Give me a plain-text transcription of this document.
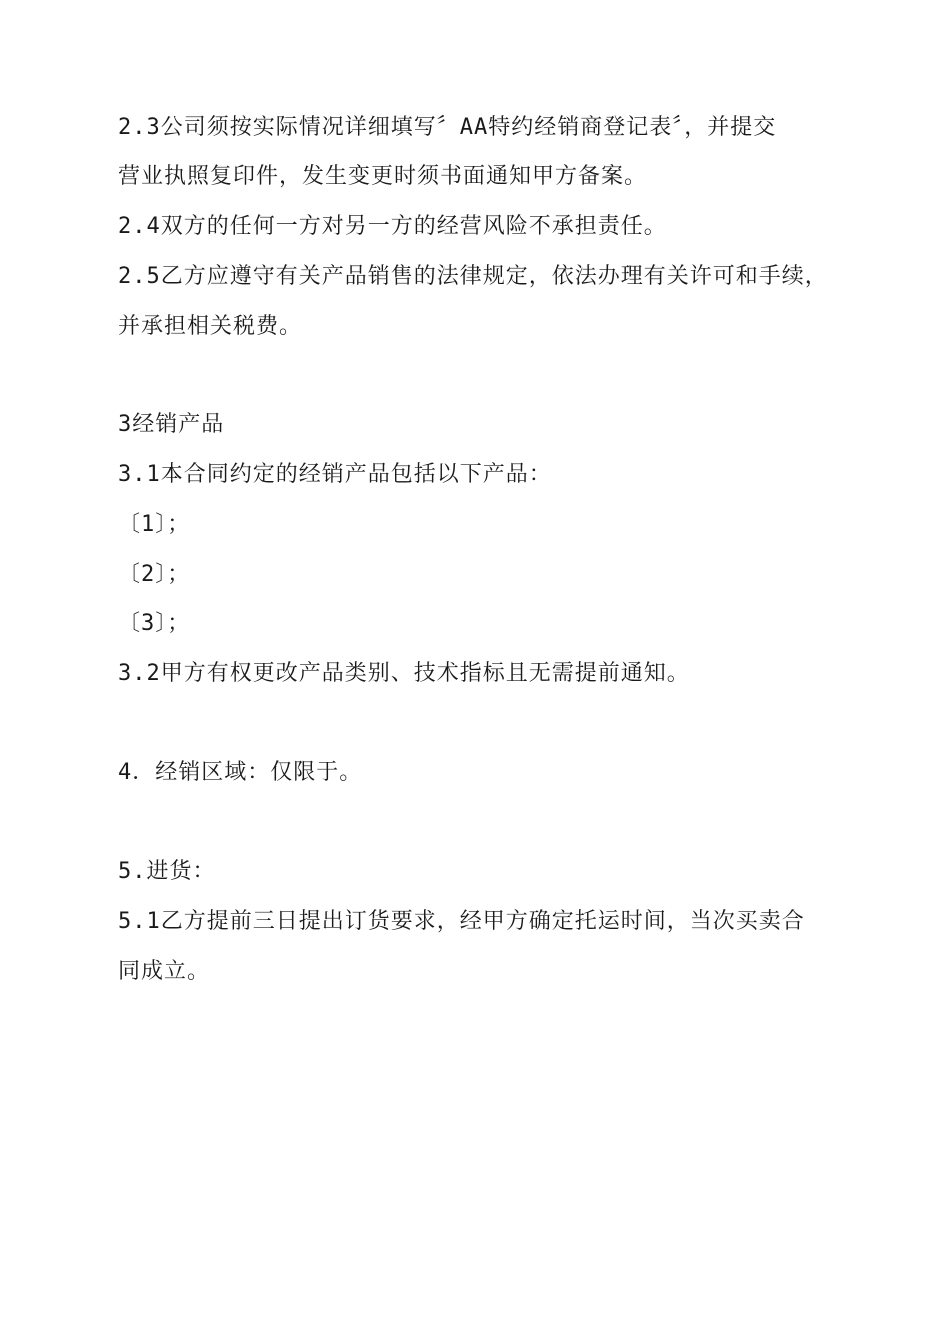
2.3公司须按实际情况详细填写〞AA特约经销商登记表〞，并提交
营业执照复印件，发生变更时须书面通知甲方备案。
2.4双方的任何一方对另一方的经营风险不承担责任。
2.5乙方应遵守有关产品销售的法律规定，依法办理有关许可和手续，
并承担相关税费。
3经销产品
3.1本合同约定的经销产品包括以下产品：
〔1〕；
〔2〕；
〔3〕；
3.2甲方有权更改产品类别、技术指标且无需提前通知。
4．经销区域：仅限于。
5.进货：
5.1乙方提前三日提出订货要求，经甲方确定托运时间，当次买卖合
同成立。
